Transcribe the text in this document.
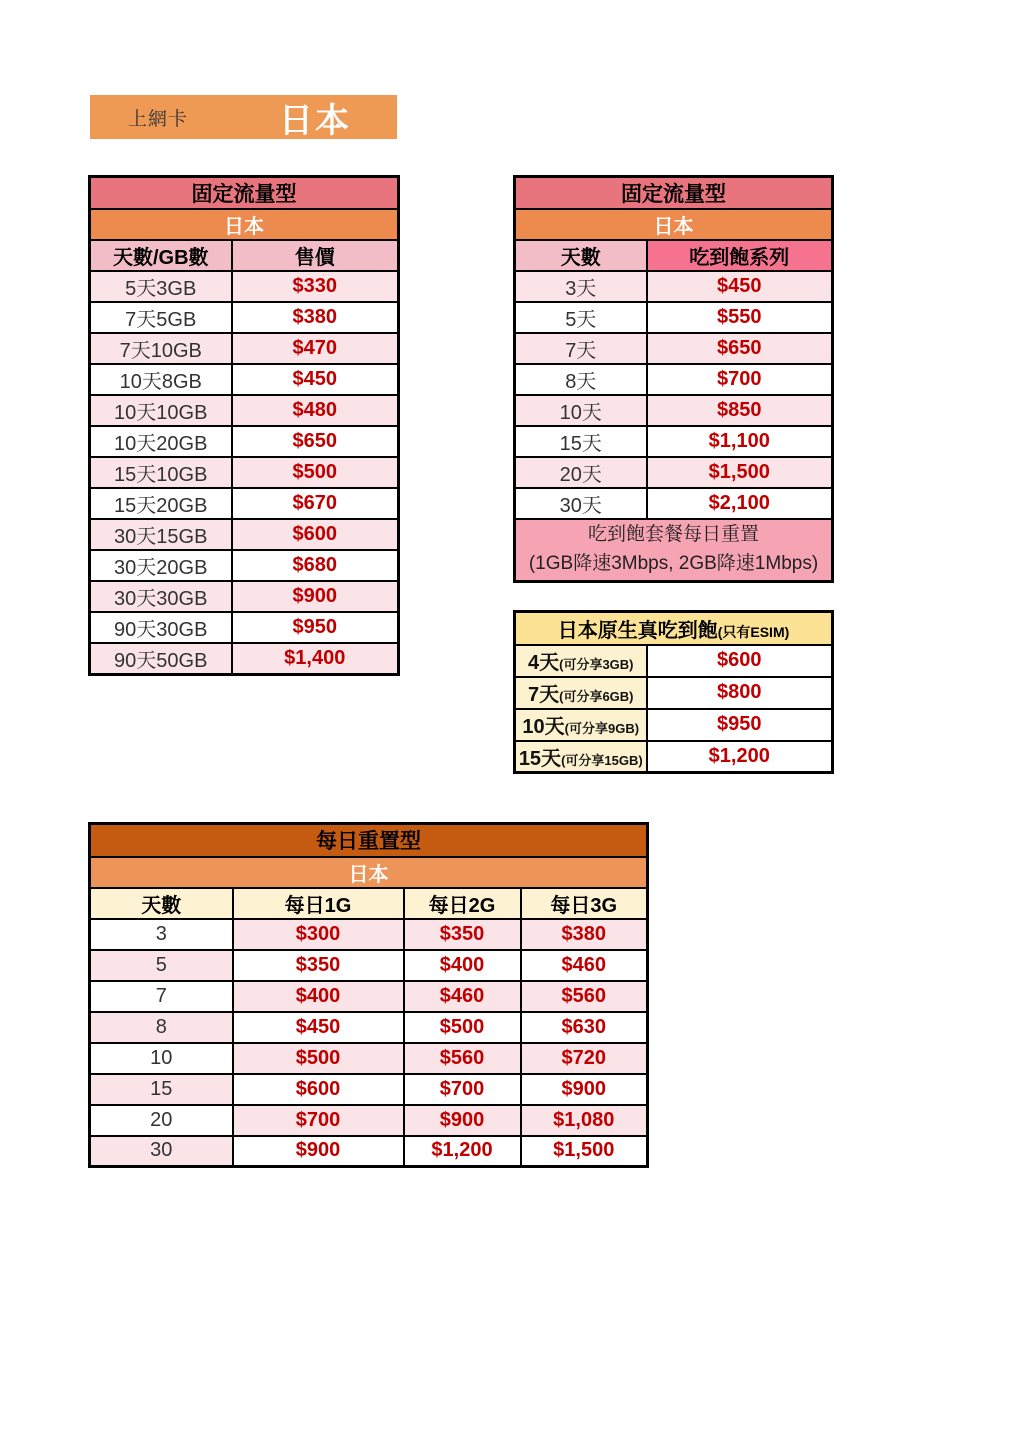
上網卡	日本
固定流量型	
日本	
天數/GB數	售價
5天3GB	$330
7天5GB	$380
7天10GB	$470
10天8GB	$450
10天10GB	$480
10天20GB	$650
15天10GB	$500
15天20GB	$670
30天15GB	$600
30天20GB	$680
30天30GB	$900
90天30GB	$950
90天50GB	$1,400
固定流量型	
日本	
天數	吃到飽系列
3天	$450
5天	$550
7天	$650
8天	$700
10天	$850
15天	$1,100
20天	$1,500
30天	$2,100

吃到飽套餐每日重置
(1GB降速3Mbps, 2GB降速1Mbps)	
日本原生真吃到飽(只有ESIM)	
4天(可分享3GB)	$600
7天(可分享6GB)	$800
10天(可分享9GB)	$950
15天(可分享15GB)	$1,200
每日重置型			
日本			
天數	每日1G	每日2G	每日3G
3	$300	$350	$380
5	$350	$400	$460
7	$400	$460	$560
8	$450	$500	$630
10	$500	$560	$720
15	$600	$700	$900
20	$700	$900	$1,080
30	$900	$1,200	$1,500
